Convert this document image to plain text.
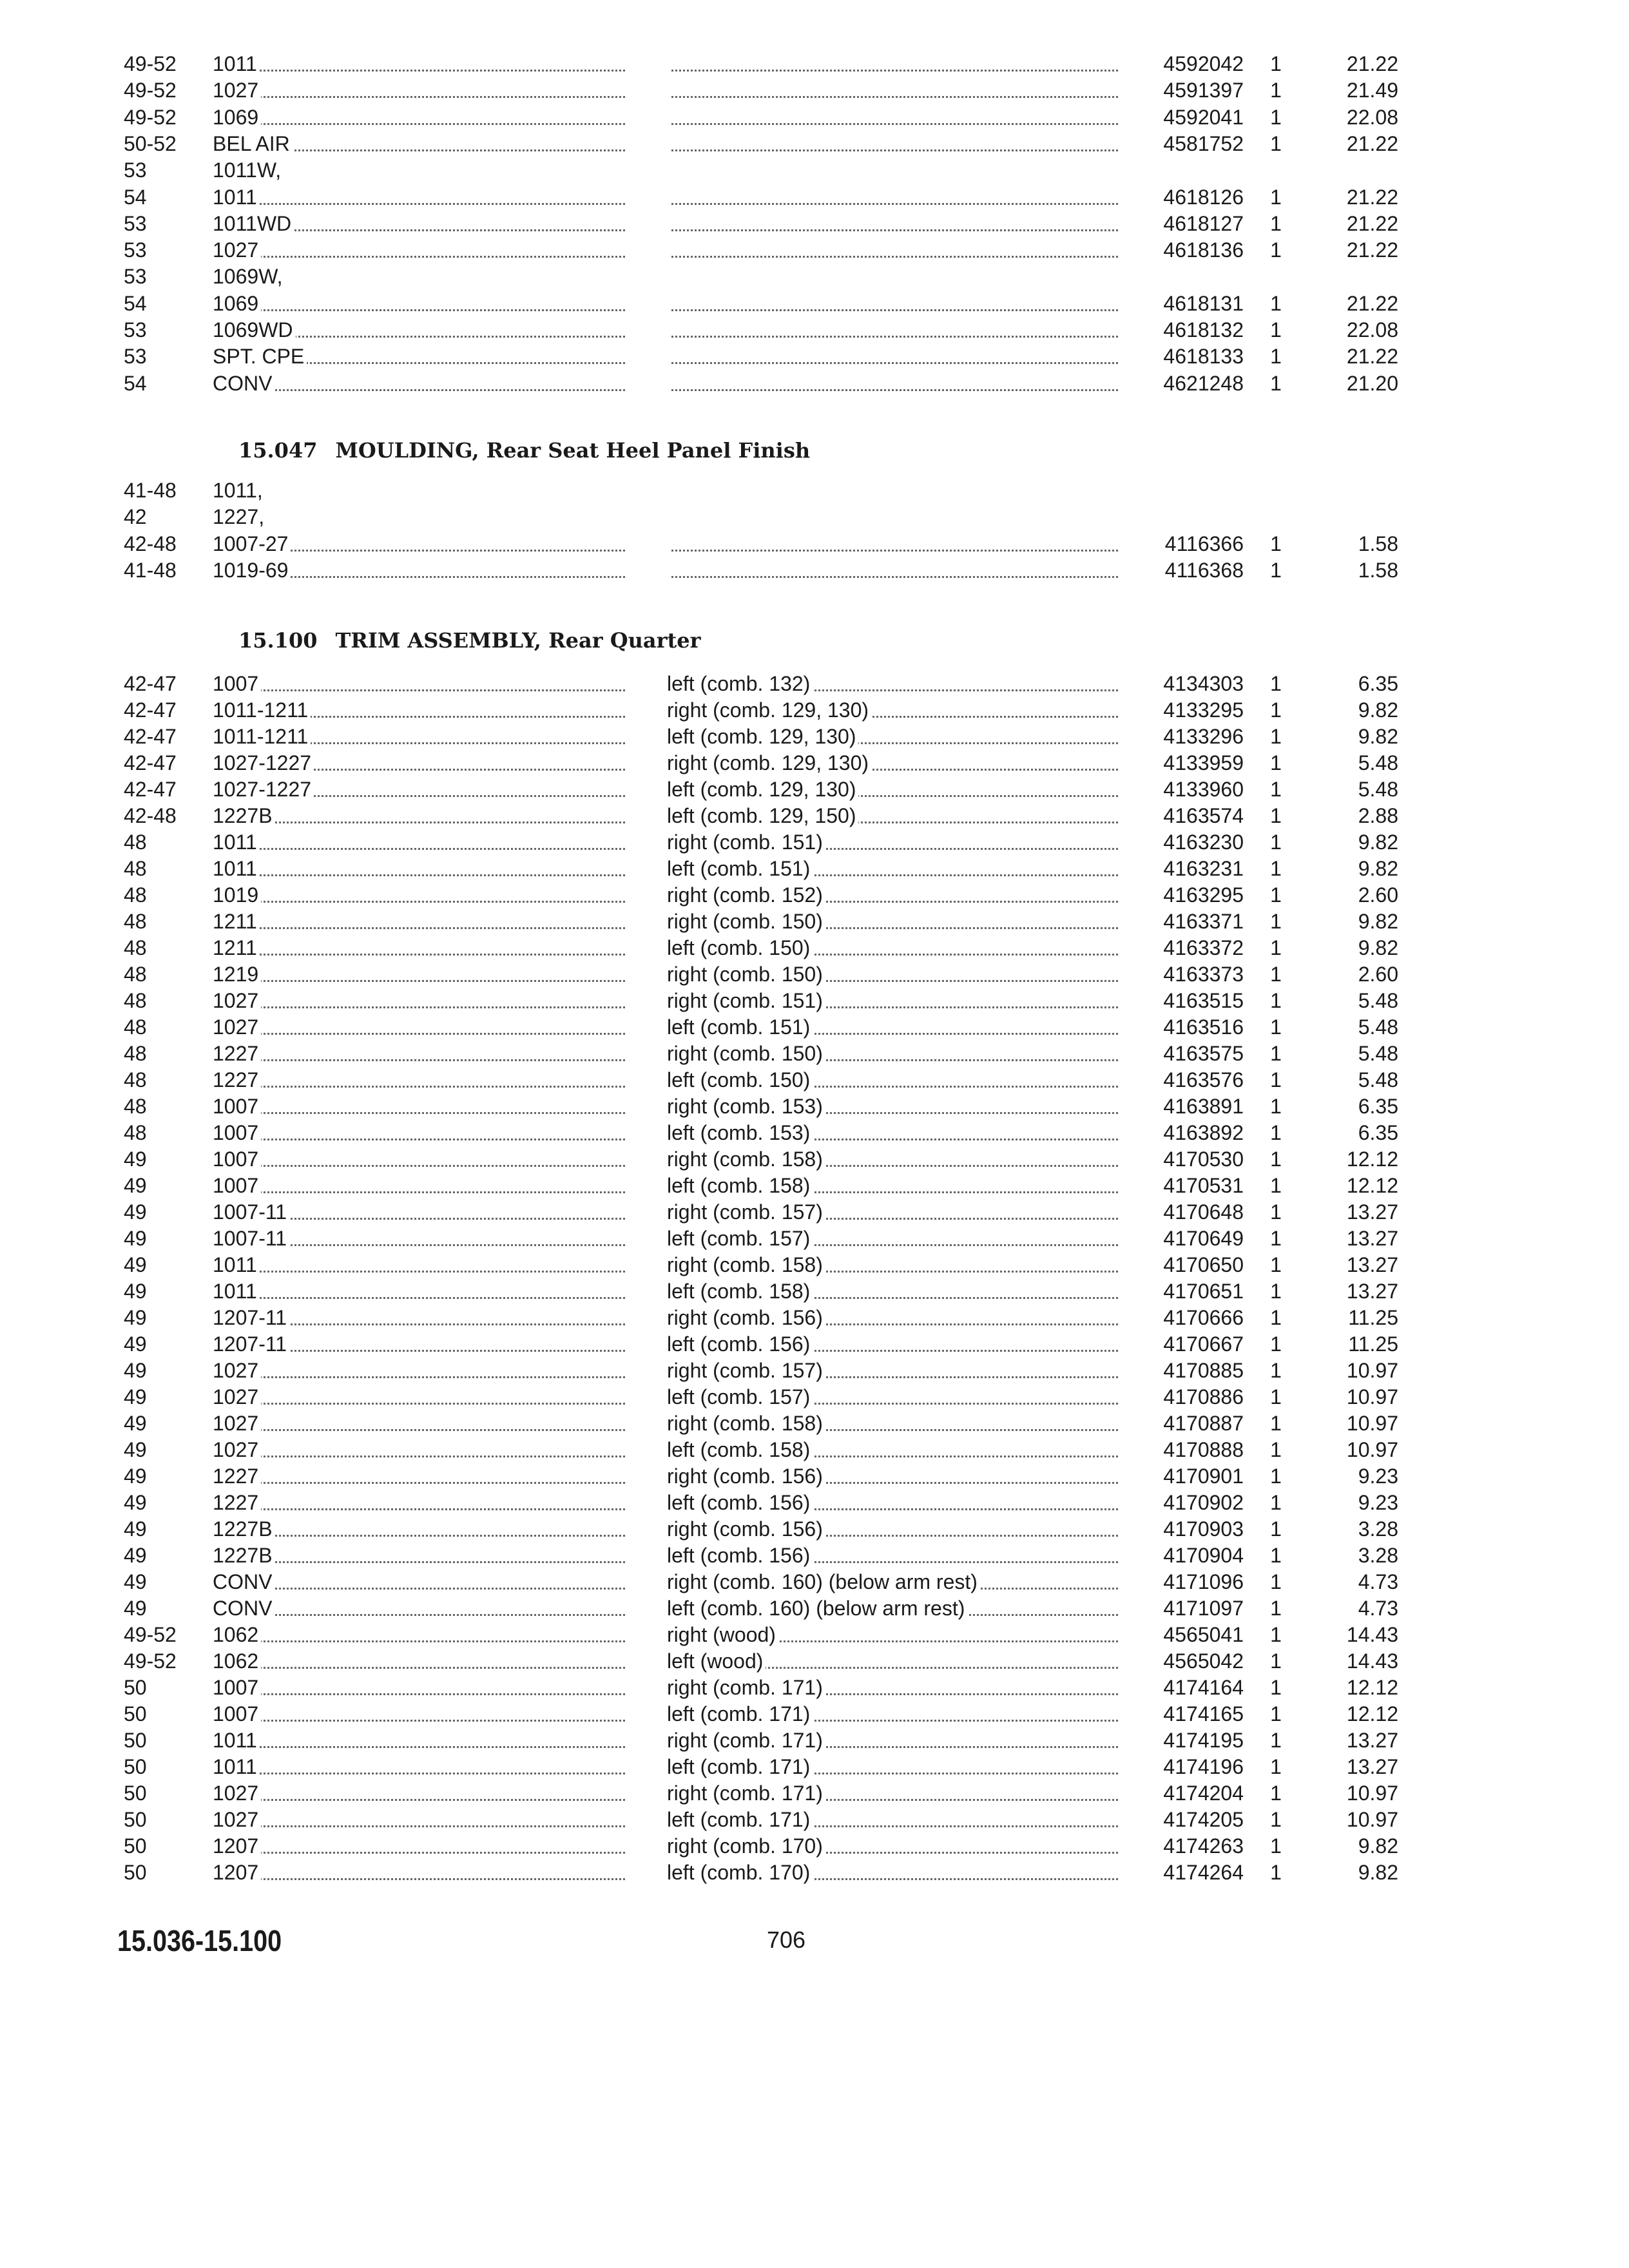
49-52	1011	4592042	1	21.22
49-52	1027	4591397	1	21.49
49-52	1069	4592041	1	22.08
50-52	BEL AIR	4581752	1	21.22
53	1011W,
54	1011	4618126	1	21.22
53	1011WD	4618127	1	21.22
53	1027	4618136	1	21.22
53	1069W,
54	1069	4618131	1	21.22
53	1069WD	4618132	1	22.08
53	SPT. CPE	4618133	1	21.22
54	CONV	4621248	1	21.20
15.047 MOULDING, Rear Seat Heel Panel Finish
41-48	1011,
42	1227,
42-48	1007-27	4116366	1	1.58
41-48	1019-69	4116368	1	1.58
15.100 TRIM ASSEMBLY, Rear Quarter
42-47	1007	left (comb. 132)	4134303	1	6.35
42-47	1011-1211	right (comb. 129, 130)	4133295	1	9.82
42-47	1011-1211	left (comb. 129, 130)	4133296	1	9.82
42-47	1027-1227	right (comb. 129, 130)	4133959	1	5.48
42-47	1027-1227	left (comb. 129, 130)	4133960	1	5.48
42-48	1227B	left (comb. 129, 150)	4163574	1	2.88
48	1011	right (comb. 151)	4163230	1	9.82
48	1011	left (comb. 151)	4163231	1	9.82
48	1019	right (comb. 152)	4163295	1	2.60
48	1211	right (comb. 150)	4163371	1	9.82
48	1211	left (comb. 150)	4163372	1	9.82
48	1219	right (comb. 150)	4163373	1	2.60
48	1027	right (comb. 151)	4163515	1	5.48
48	1027	left (comb. 151)	4163516	1	5.48
48	1227	right (comb. 150)	4163575	1	5.48
48	1227	left (comb. 150)	4163576	1	5.48
48	1007	right (comb. 153)	4163891	1	6.35
48	1007	left (comb. 153)	4163892	1	6.35
49	1007	right (comb. 158)	4170530	1	12.12
49	1007	left (comb. 158)	4170531	1	12.12
49	1007-11	right (comb. 157)	4170648	1	13.27
49	1007-11	left (comb. 157)	4170649	1	13.27
49	1011	right (comb. 158)	4170650	1	13.27
49	1011	left (comb. 158)	4170651	1	13.27
49	1207-11	right (comb. 156)	4170666	1	11.25
49	1207-11	left (comb. 156)	4170667	1	11.25
49	1027	right (comb. 157)	4170885	1	10.97
49	1027	left (comb. 157)	4170886	1	10.97
49	1027	right (comb. 158)	4170887	1	10.97
49	1027	left (comb. 158)	4170888	1	10.97
49	1227	right (comb. 156)	4170901	1	9.23
49	1227	left (comb. 156)	4170902	1	9.23
49	1227B	right (comb. 156)	4170903	1	3.28
49	1227B	left (comb. 156)	4170904	1	3.28
49	CONV	right (comb. 160) (below arm rest)	4171096	1	4.73
49	CONV	left (comb. 160) (below arm rest)	4171097	1	4.73
49-52	1062	right (wood)	4565041	1	14.43
49-52	1062	left (wood)	4565042	1	14.43
50	1007	right (comb. 171)	4174164	1	12.12
50	1007	left (comb. 171)	4174165	1	12.12
50	1011	right (comb. 171)	4174195	1	13.27
50	1011	left (comb. 171)	4174196	1	13.27
50	1027	right (comb. 171)	4174204	1	10.97
50	1027	left (comb. 171)	4174205	1	10.97
50	1207	right (comb. 170)	4174263	1	9.82
50	1207	left (comb. 170)	4174264	1	9.82
15.036-15.100	706
